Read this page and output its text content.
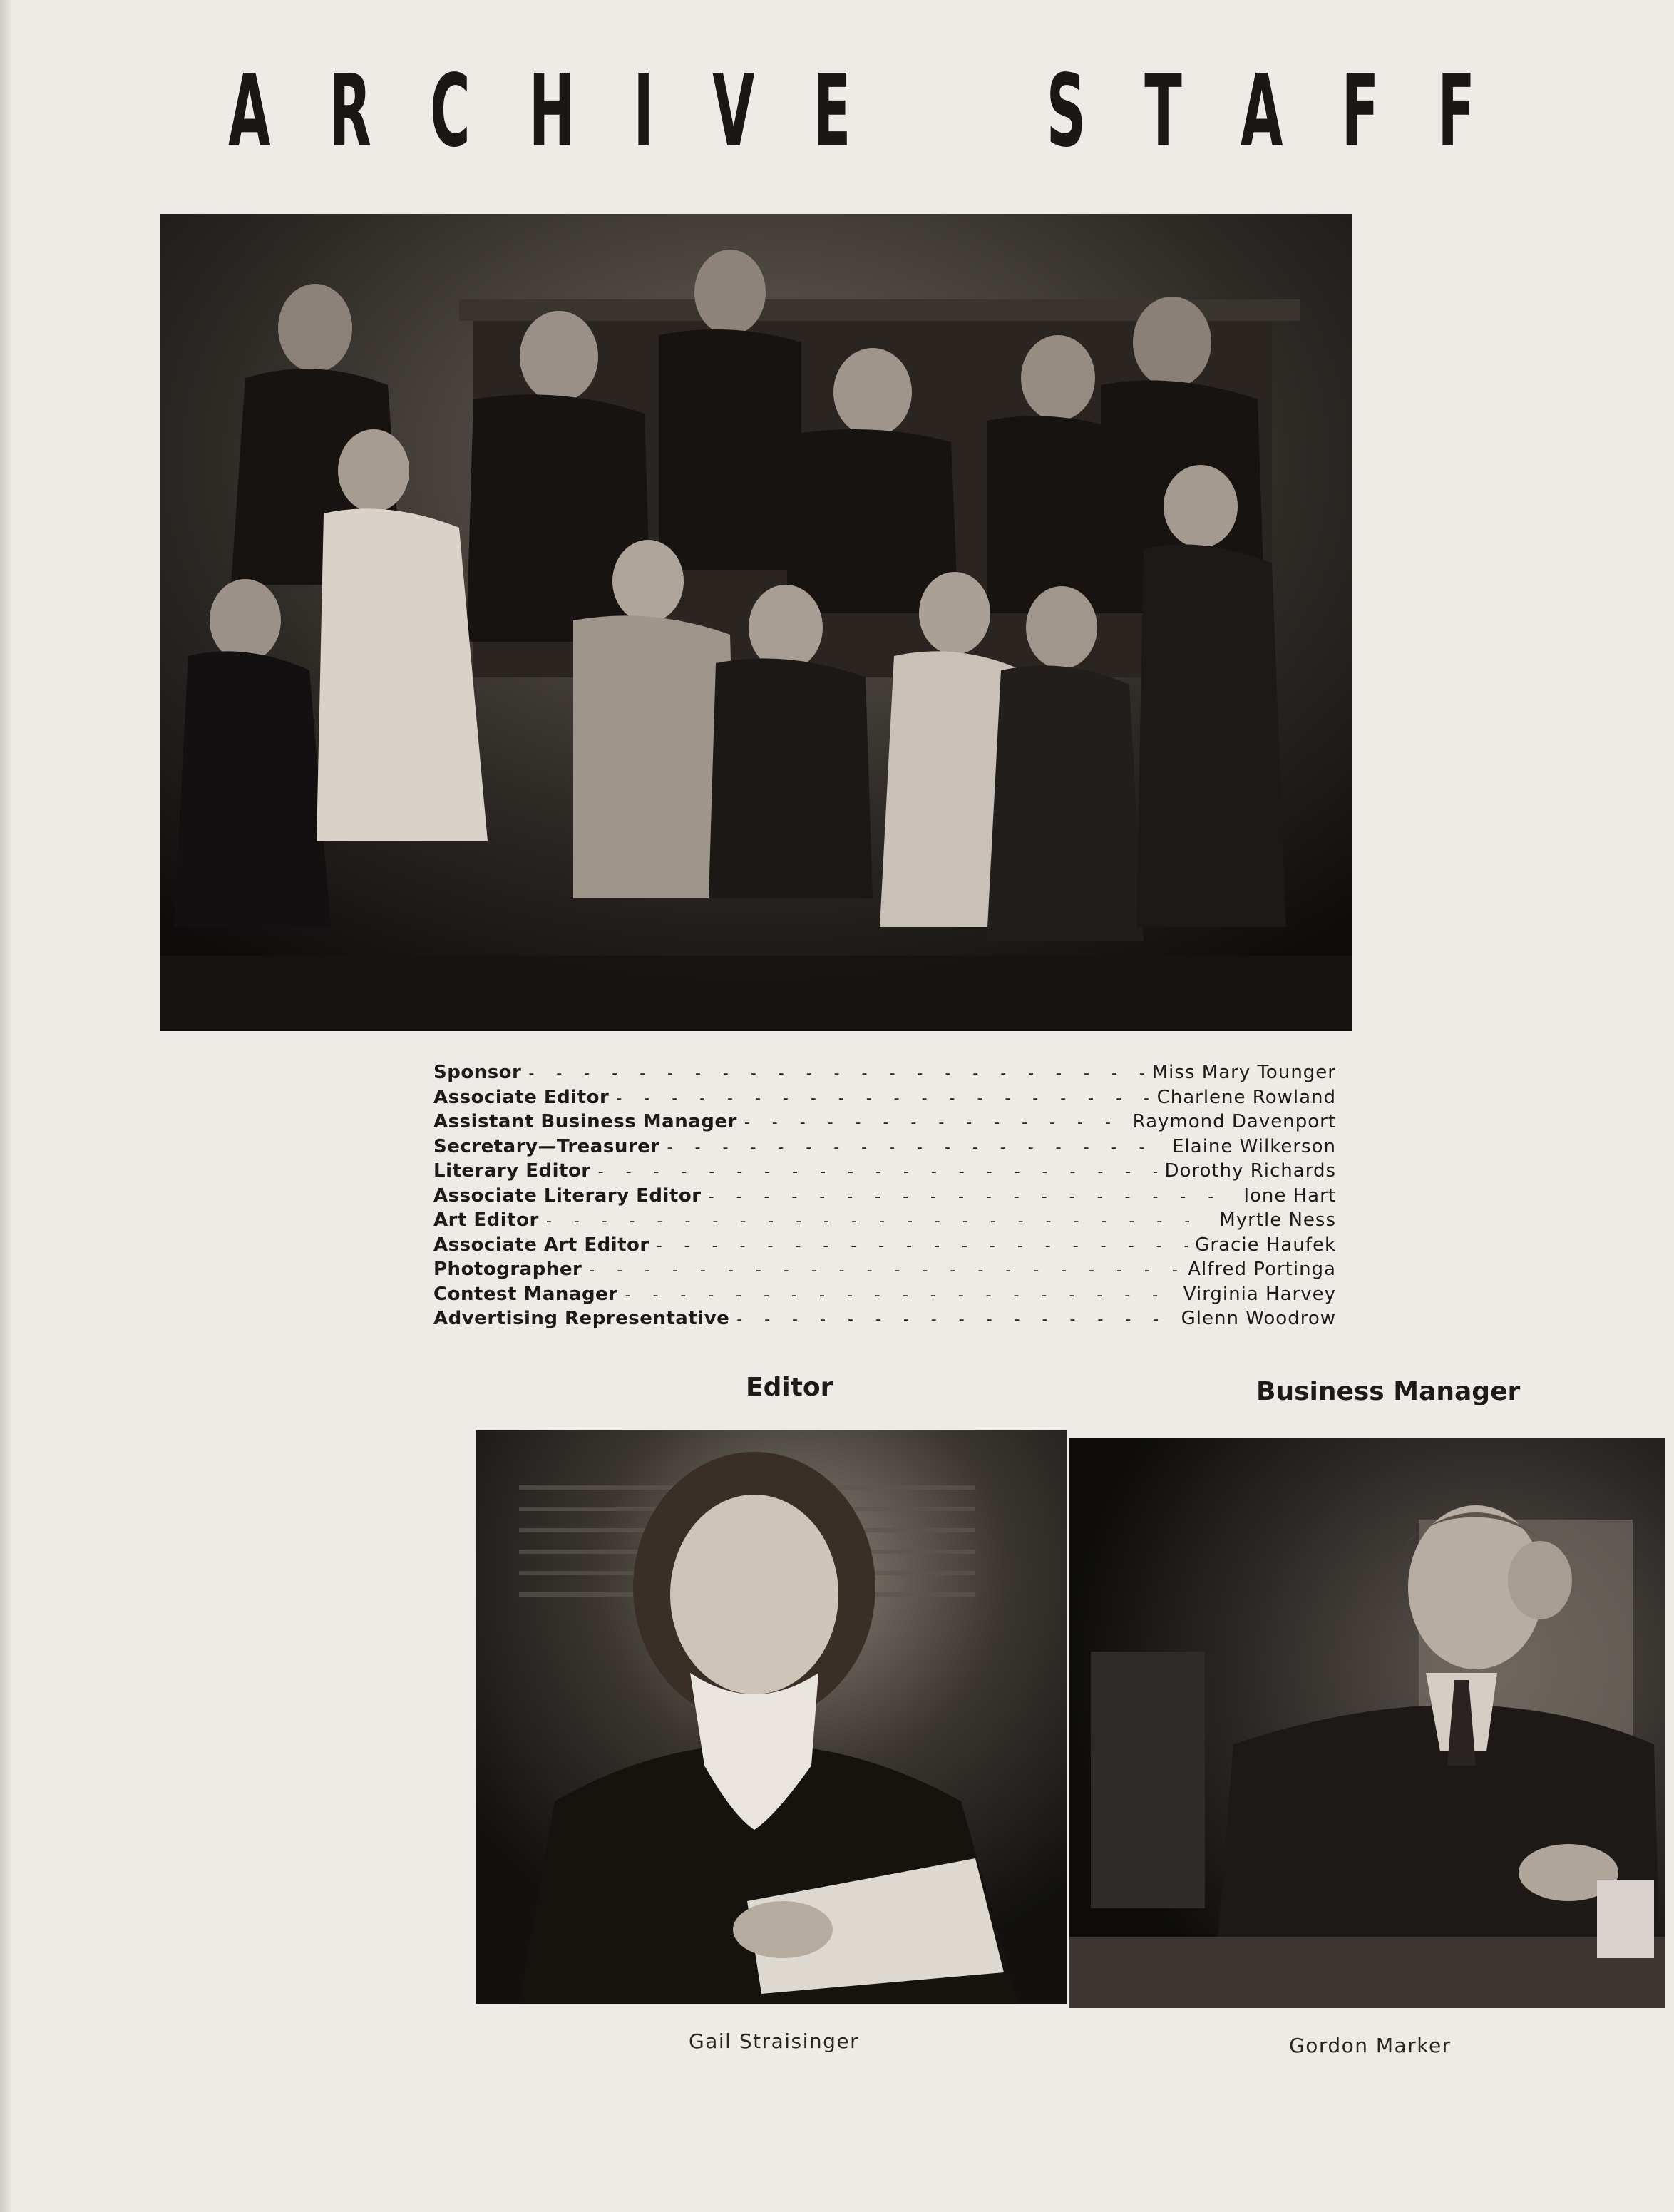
A R C H I V E S T A F F
Sponsor - - -	Miss Mary Tounger
Associate Editor - - -	Charlene Rowland
Assistant Business Manager - - -	Raymond Davenport
Secretary—Treasurer - - -	Elaine Wilkerson
Literary Editor - - -	Dorothy Richards
Associate Literary Editor - - -	Ione Hart
Art Editor - - -	Myrtle Ness
Associate Art Editor - - -	Gracie Haufek
Photographer - - -	Alfred Portinga
Contest Manager - - -	Virginia Harvey
Advertising Representative - - -	Glenn Woodrow
Editor	Business Manager
Gail Straisinger	Gordon Marker
